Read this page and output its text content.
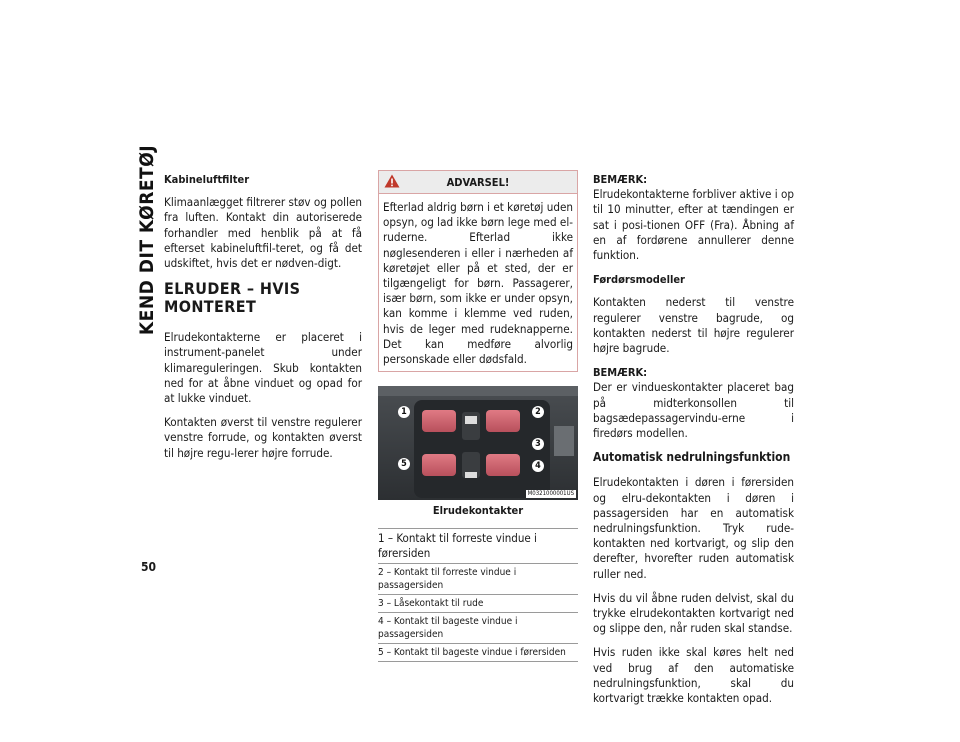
KEND DIT KØRETØJ Kabineluftfilter

Klimaanlægget filtrerer støv og pollen fra luften. Kontakt din autoriserede forhandler med henblik på at få efterset kabineluftfil-teret, og få det udskiftet, hvis det er nødven-digt.

ELRUDER – HVIS MONTERET

Elrudekontakterne er placeret i instrument-panelet under klimareguleringen. Skub kontakten ned for at åbne vinduet og opad for at lukke vinduet.

Kontakten øverst til venstre regulerer venstre forrude, og kontakten øverst til højre regu-lerer højre forrude.

ADVARSEL!

Efterlad aldrig børn i et køretøj uden opsyn, og lad ikke børn lege med el-ruderne. Efterlad ikke nøglesenderen i eller i nærheden af køretøjet eller på et sted, der er tilgængeligt for børn. Passagerer, især børn, som ikke er under opsyn, kan komme i klemme ved ruden, hvis de leger med rudeknapperne. Det kan medføre alvorlig personskade eller dødsfald.

1	2
3
4
5
M0321000001US
Elrudekontakter
1 – Kontakt til forreste vindue i førersiden
2 – Kontakt til forreste vindue i passagersiden
3 – Låsekontakt til rude
4 – Kontakt til bageste vindue i passagersiden
5 – Kontakt til bageste vindue i førersiden
BEMÆRK:

Elrudekontakterne forbliver aktive i op til 10 minutter, efter at tændingen er sat i posi-tionen OFF (Fra). Åbning af en af fordørene annullerer denne funktion.

Førdørsmodeller

Kontakten nederst til venstre regulerer venstre bagrude, og kontakten nederst til højre regulerer højre bagrude.

BEMÆRK:

Der er vindueskontakter placeret bag på midterkonsollen til bagsædepassagervindu-erne i firedørs modellen.

Automatisk nedrulningsfunktion

Elrudekontakten i døren i førersiden og elru-dekontakten i døren i passagersiden har en automatisk nedrulningsfunktion. Tryk rude-kontakten ned kortvarigt, og slip den derefter, hvorefter ruden automatisk ruller ned.

Hvis du vil åbne ruden delvist, skal du trykke elrudekontakten kortvarigt ned og slippe den, når ruden skal standse.

Hvis ruden ikke skal køres helt ned ved brug af den automatiske nedrulningsfunktion, skal du kortvarigt trække kontakten opad.

50
